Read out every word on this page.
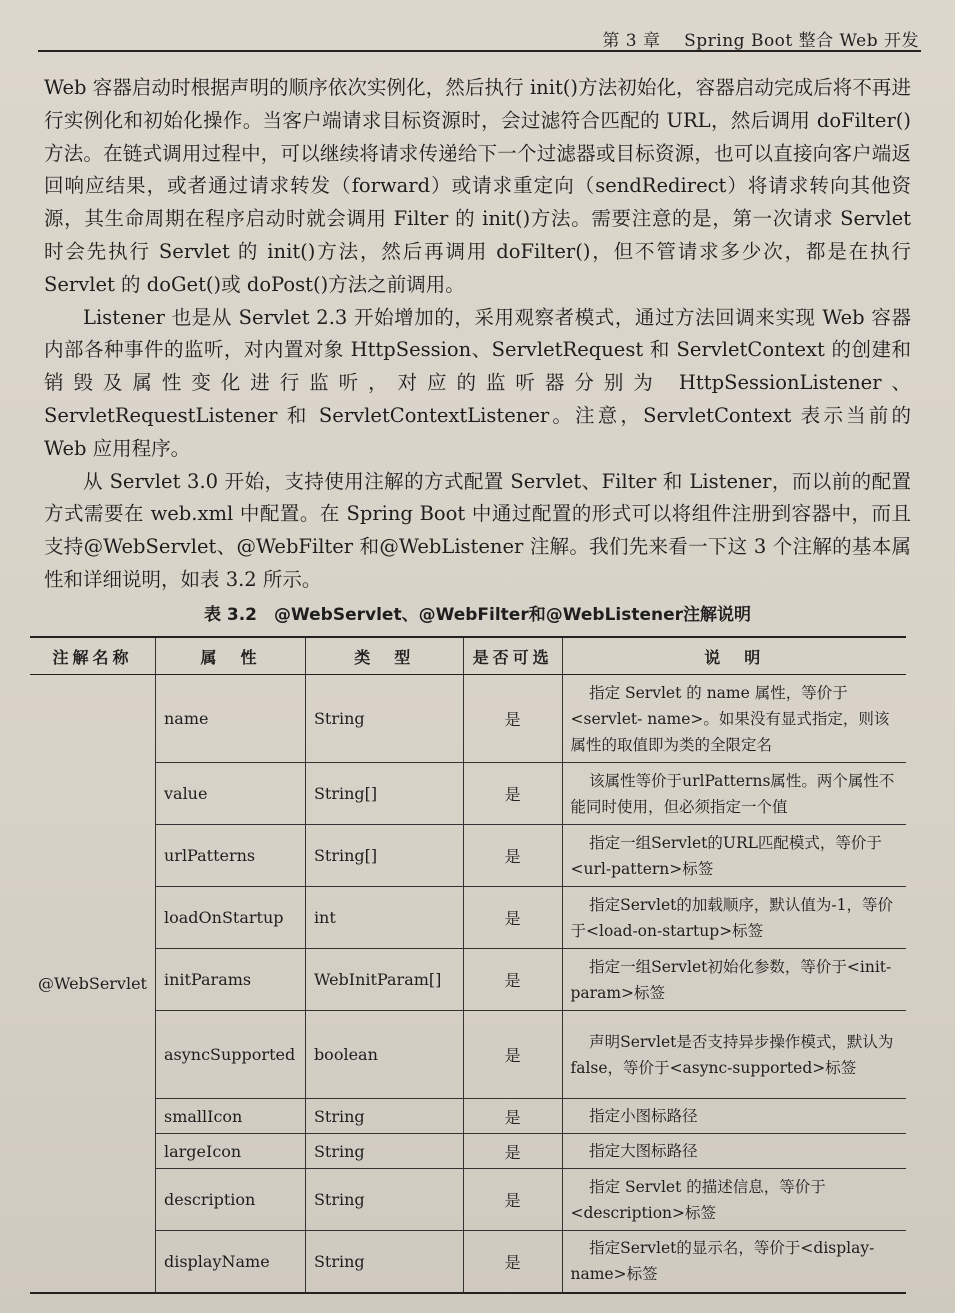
第 3 章 Spring Boot 整合 Web 开发

Web 容器启动时根据声明的顺序依次实例化，然后执行 init()方法初始化，容器启动完成后将不再进行实例化和初始化操作。当客户端请求目标资源时，会过滤符合匹配的 URL，然后调用 doFilter()方法。在链式调用过程中，可以继续将请求传递给下一个过滤器或目标资源，也可以直接向客户端返回响应结果，或者通过请求转发（forward）或请求重定向（sendRedirect）将请求转向其他资源，其生命周期在程序启动时就会调用 Filter 的 init()方法。需要注意的是，第一次请求 Servlet 时会先执行 Servlet 的 init()方法，然后再调用 doFilter()，但不管请求多少次，都是在执行 Servlet 的 doGet()或 doPost()方法之前调用。

Listener 也是从 Servlet 2.3 开始增加的，采用观察者模式，通过方法回调来实现 Web 容器内部各种事件的监听，对内置对象 HttpSession、ServletRequest 和 ServletContext 的创建和销毁及属性变化进行监听，对应的监听器分别为 HttpSessionListener、ServletRequestListener 和 ServletContextListener。注意，ServletContext 表示当前的 Web 应用程序。

从 Servlet 3.0 开始，支持使用注解的方式配置 Servlet、Filter 和 Listener，而以前的配置方式需要在 web.xml 中配置。在 Spring Boot 中通过配置的形式可以将组件注册到容器中，而且支持@WebServlet、@WebFilter 和@WebListener 注解。我们先来看一下这 3 个注解的基本属性和详细说明，如表 3.2 所示。

表 3.2　@WebServlet、@WebFilter和@WebListener注解说明
注解名称	属　性	类　型	是否可选	说　明
@WebServlet	name	String	是	指定 Servlet 的 name 属性，等价于<servlet- name>。如果没有显式指定，则该属性的取值即为类的全限定名
	value	String[]	是	该属性等价于urlPatterns属性。两个属性不能同时使用，但必须指定一个值
	urlPatterns	String[]	是	指定一组Servlet的URL匹配模式，等价于<url-pattern>标签
	loadOnStartup	int	是	指定Servlet的加载顺序，默认值为-1，等价于<load-on-startup>标签
	initParams	WebInitParam[]	是	指定一组Servlet初始化参数，等价于<init-param>标签
	asyncSupported	boolean	是	声明Servlet是否支持异步操作模式，默认为false，等价于<async-supported>标签
	smallIcon	String	是	指定小图标路径
	largeIcon	String	是	指定大图标路径
	description	String	是	指定 Servlet 的描述信息，等价于<description>标签
	displayName	String	是	指定Servlet的显示名，等价于<display-name>标签
